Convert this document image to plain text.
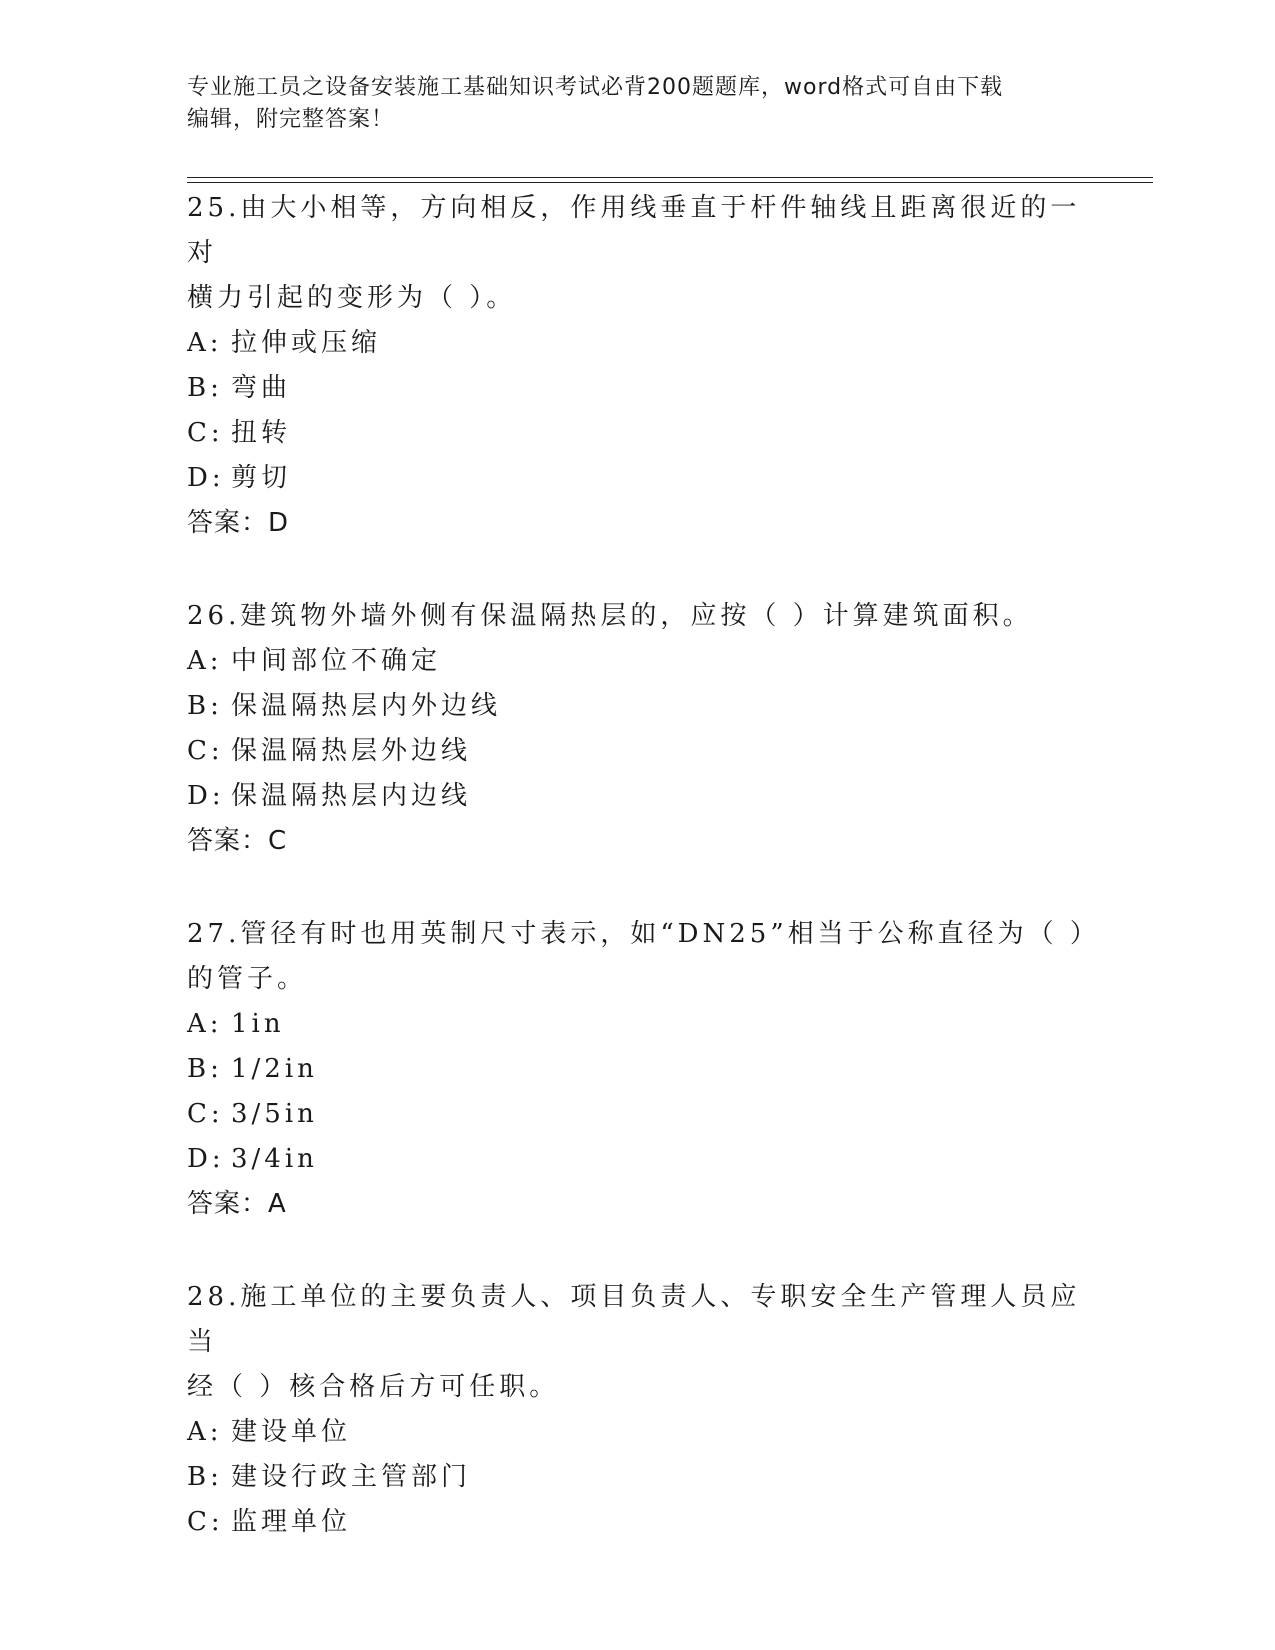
专业施工员之设备安装施工基础知识考试必背200题题库，word格式可自由下载
编辑，附完整答案！
25.由大小相等，方向相反，作用线垂直于杆件轴线且距离很近的一对
横力引起的变形为（ ）。
A: 拉伸或压缩
B: 弯曲
C: 扭转
D: 剪切
答案：D
26.建筑物外墙外侧有保温隔热层的，应按（ ）计算建筑面积。
A: 中间部位不确定
B: 保温隔热层内外边线
C: 保温隔热层外边线
D: 保温隔热层内边线
答案：C
27.管径有时也用英制尺寸表示，如“DN25”相当于公称直径为（ ）
的管子。
A: 1in
B: 1/2in
C: 3/5in
D: 3/4in
答案：A
28.施工单位的主要负责人、项目负责人、专职安全生产管理人员应当
经（ ）核合格后方可任职。
A: 建设单位
B: 建设行政主管部门
C: 监理单位
